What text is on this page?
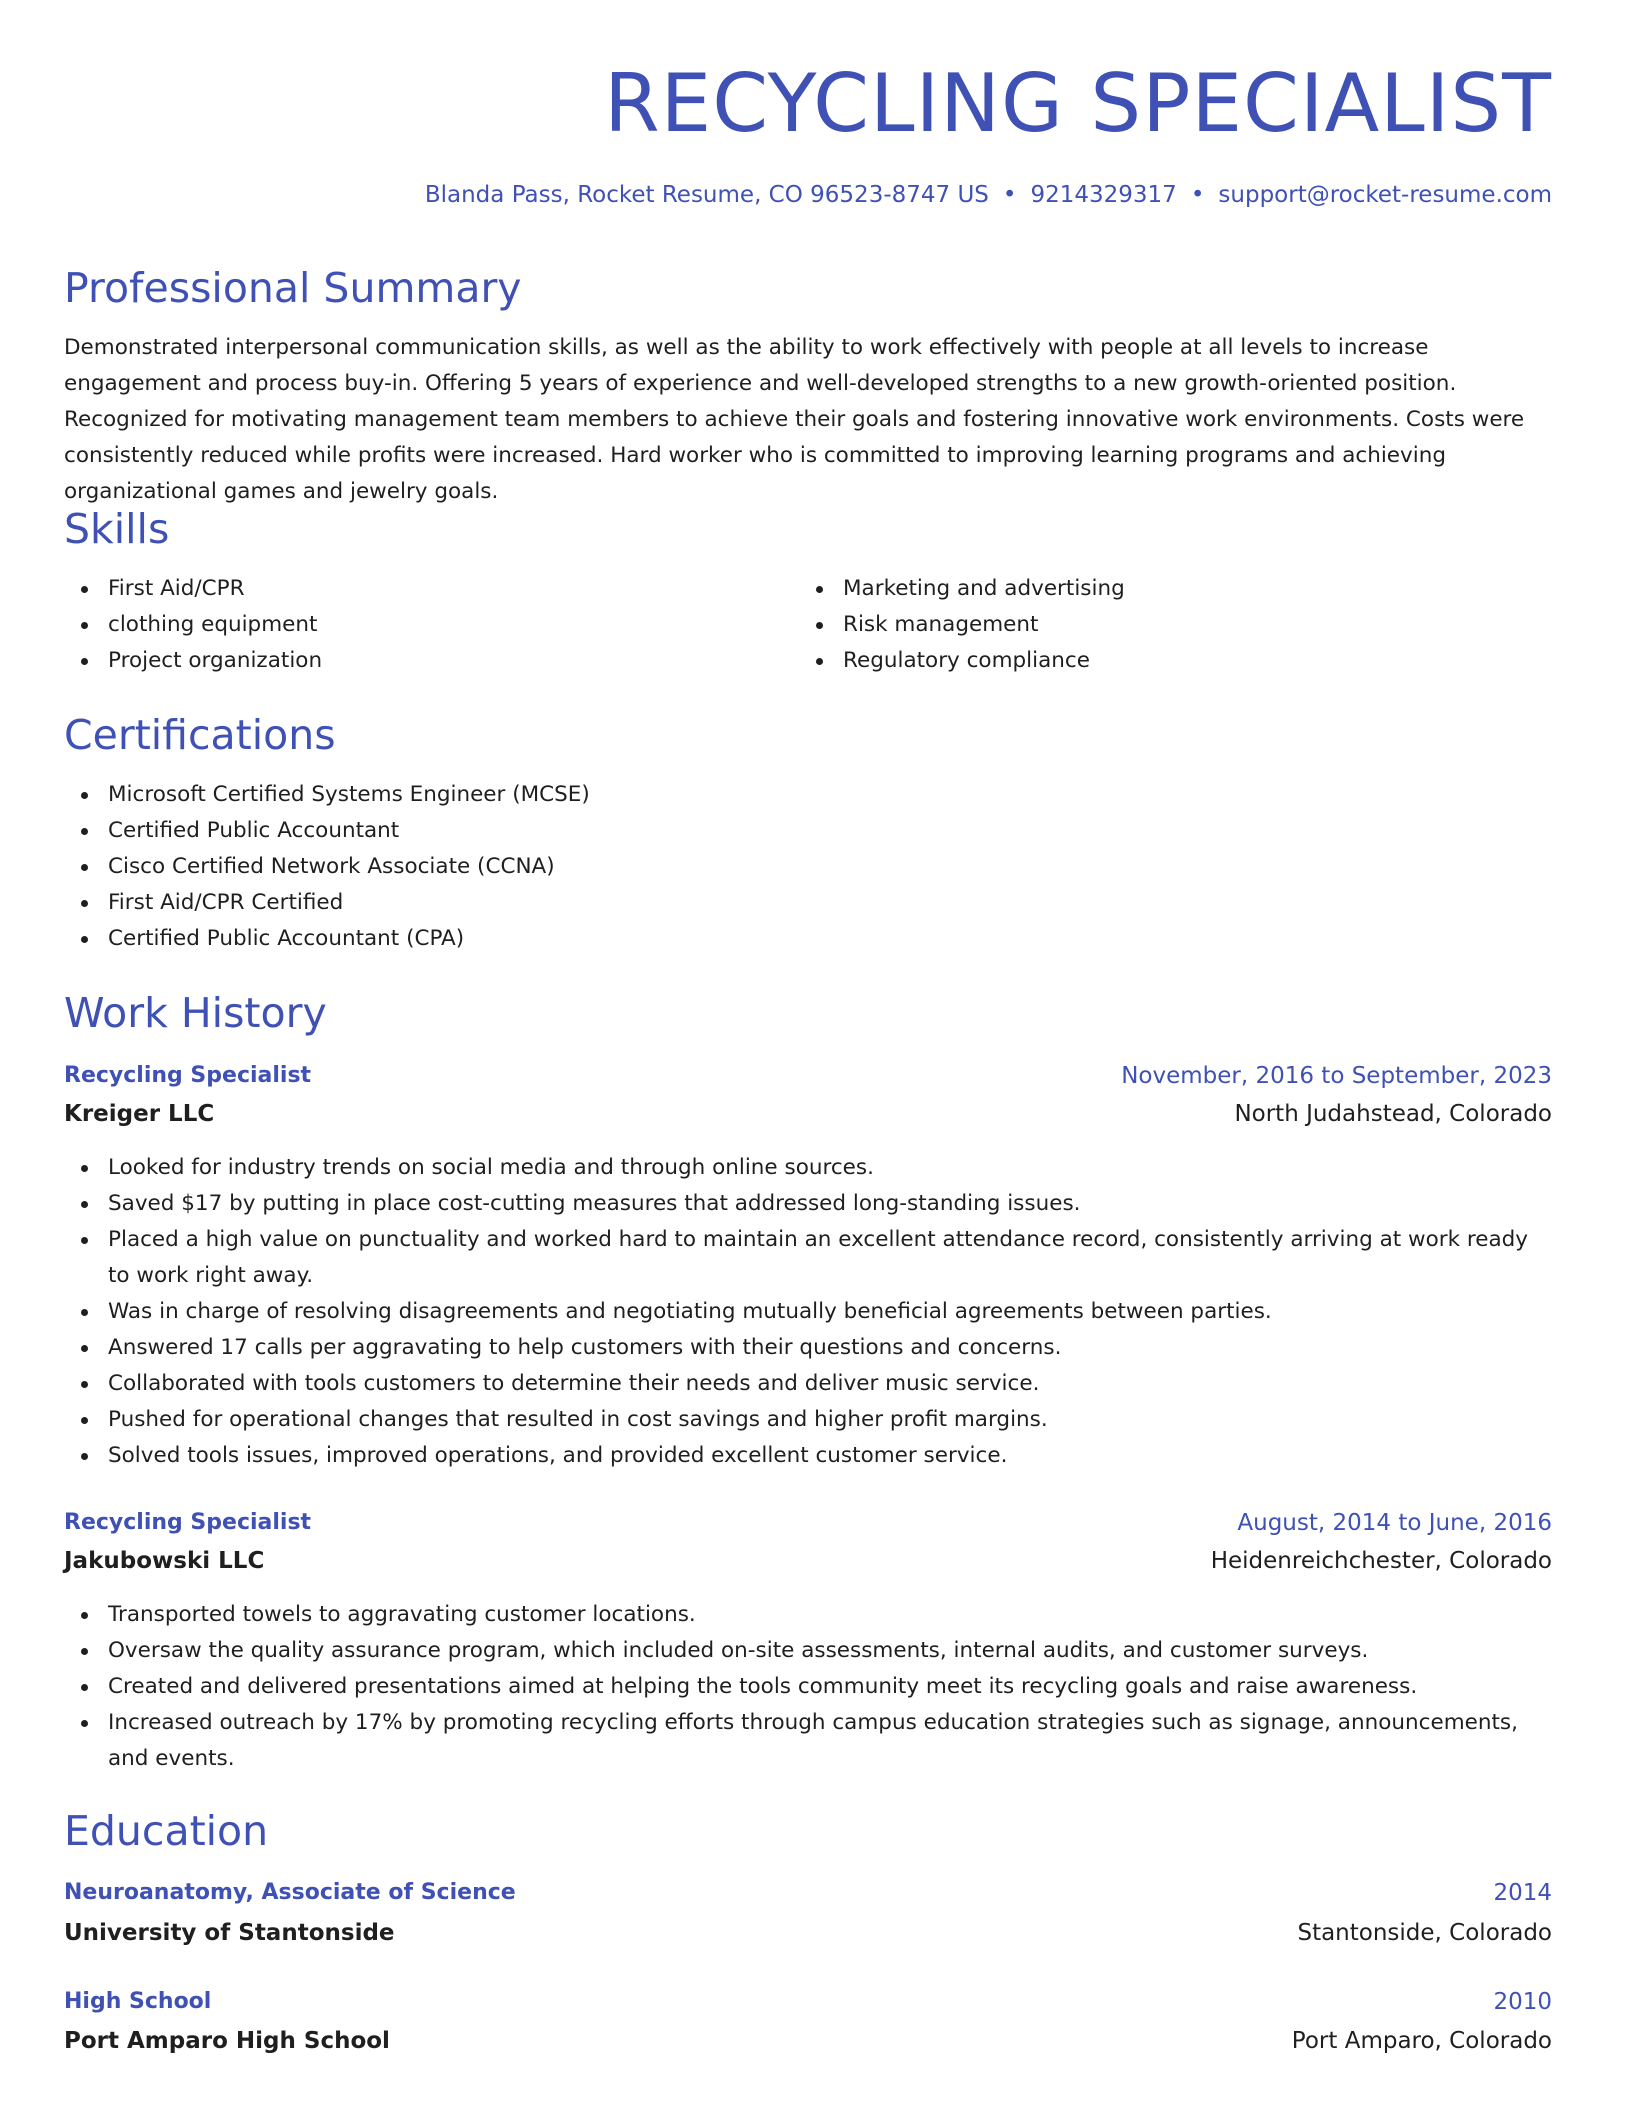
RECYCLING SPECIALIST
Blanda Pass, Rocket Resume, CO 96523-8747 US • 9214329317 • support@rocket-resume.com
Professional Summary

Demonstrated interpersonal communication skills, as well as the ability to work effectively with people at all levels to increase engagement and process buy-in. Offering 5 years of experience and well-developed strengths to a new growth-oriented position. Recognized for motivating management team members to achieve their goals and fostering innovative work environments. Costs were consistently reduced while profits were increased. Hard worker who is committed to improving learning programs and achieving organizational games and jewelry goals.

Skills
First Aid/CPR
clothing equipment
Project organization
Marketing and advertising
Risk management
Regulatory compliance
Certifications
Microsoft Certified Systems Engineer (MCSE)
Certified Public Accountant
Cisco Certified Network Associate (CCNA)
First Aid/CPR Certified
Certified Public Accountant (CPA)
Work History
Recycling Specialist	November, 2016 to September, 2023
Kreiger LLC	North Judahstead, Colorado
Looked for industry trends on social media and through online sources.
Saved $17 by putting in place cost-cutting measures that addressed long-standing issues.
Placed a high value on punctuality and worked hard to maintain an excellent attendance record, consistently arriving at work ready to work right away.
Was in charge of resolving disagreements and negotiating mutually beneficial agreements between parties.
Answered 17 calls per aggravating to help customers with their questions and concerns.
Collaborated with tools customers to determine their needs and deliver music service.
Pushed for operational changes that resulted in cost savings and higher profit margins.
Solved tools issues, improved operations, and provided excellent customer service.
Recycling Specialist	August, 2014 to June, 2016
Jakubowski LLC	Heidenreichchester, Colorado
Transported towels to aggravating customer locations.
Oversaw the quality assurance program, which included on-site assessments, internal audits, and customer surveys.
Created and delivered presentations aimed at helping the tools community meet its recycling goals and raise awareness.
Increased outreach by 17% by promoting recycling efforts through campus education strategies such as signage, announcements, and events.
Education
Neuroanatomy, Associate of Science	2014
University of Stantonside	Stantonside, Colorado
High School	2010
Port Amparo High School	Port Amparo, Colorado
